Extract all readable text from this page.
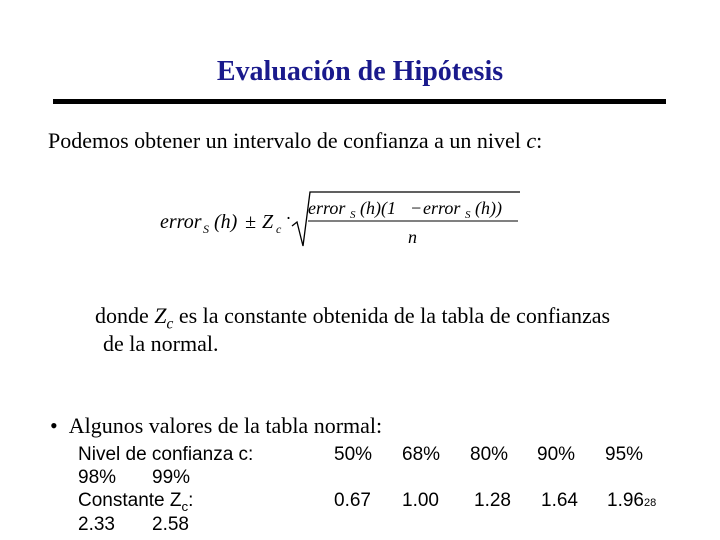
Evaluación de Hipótesis
Podemos obtener un intervalo de confianza a un nivel c:
error S (h) ± Z c
· error S (h)(1 − error S (h))
n
donde $Z_c$ es la constante obtenida de la tabla de confianzas
de la normal.
• Algunos valores de la tabla normal:
Nivel de confianza c:	50% 68% 80% 90% 95%
98% 99%
Constante $Z_c$:	0.67 1.00 1.28 1.64 1.9628
2.33 2.58
